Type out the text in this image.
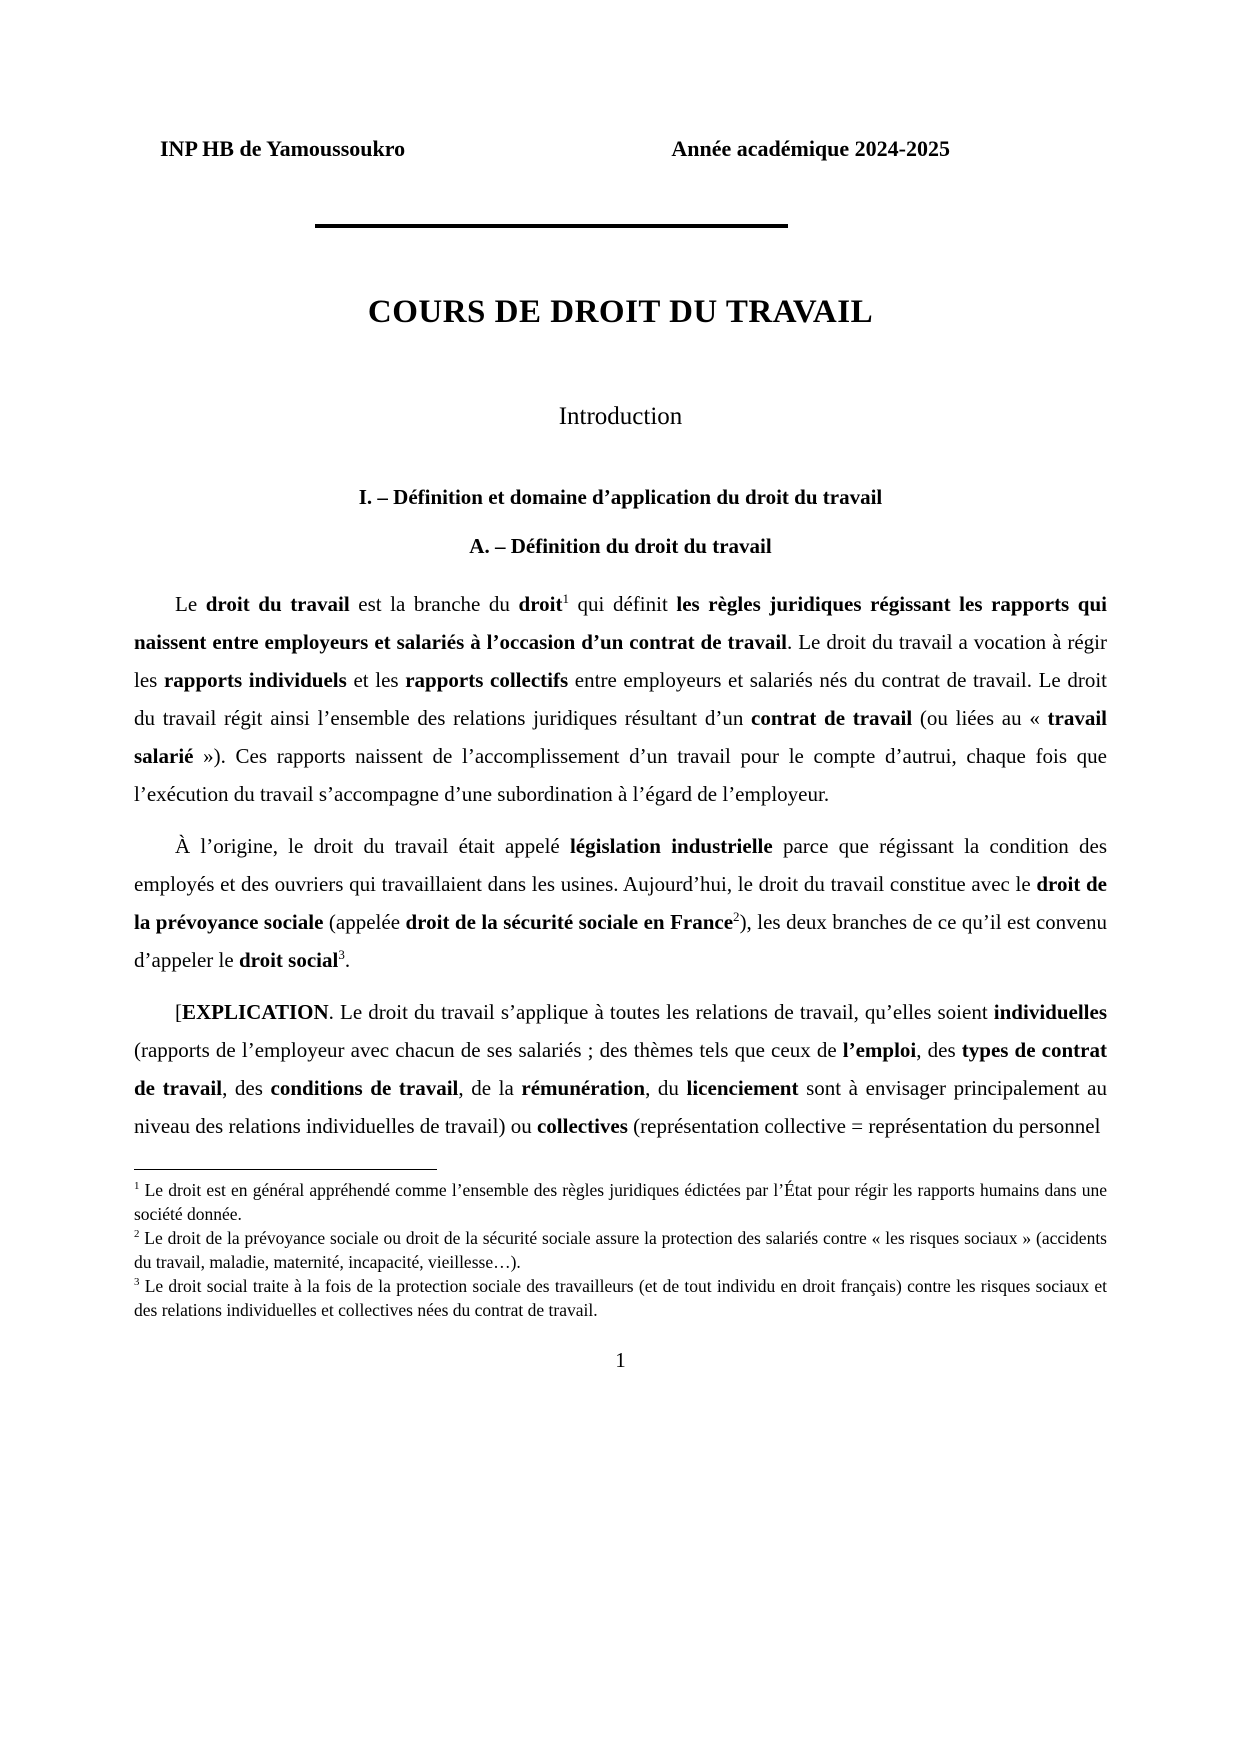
INP HB de Yamoussoukro	Année académique 2024-2025
COURS DE DROIT DU TRAVAIL
Introduction
I. – Définition et domaine d’application du droit du travail
A. – Définition du droit du travail

Le droit du travail est la branche du droit$^1$ qui définit les règles juridiques régissant les rapports qui naissent entre employeurs et salariés à l’occasion d’un contrat de travail. Le droit du travail a vocation à régir les rapports individuels et les rapports collectifs entre employeurs et salariés nés du contrat de travail. Le droit du travail régit ainsi l’ensemble des relations juridiques résultant d’un contrat de travail (ou liées au « travail salarié »). Ces rapports naissent de l’accomplissement d’un travail pour le compte d’autrui, chaque fois que l’exécution du travail s’accompagne d’une subordination à l’égard de l’employeur.

À l’origine, le droit du travail était appelé législation industrielle parce que régissant la condition des employés et des ouvriers qui travaillaient dans les usines. Aujourd’hui, le droit du travail constitue avec le droit de la prévoyance sociale (appelée droit de la sécurité sociale en France$^2$), les deux branches de ce qu’il est convenu d’appeler le droit social$^3$.

[EXPLICATION. Le droit du travail s’applique à toutes les relations de travail, qu’elles soient individuelles (rapports de l’employeur avec chacun de ses salariés ; des thèmes tels que ceux de l’emploi, des types de contrat de travail, des conditions de travail, de la rémunération, du licenciement sont à envisager principalement au niveau des relations individuelles de travail) ou collectives (représentation collective = représentation du personnel

$^1$ Le droit est en général appréhendé comme l’ensemble des règles juridiques édictées par l’État pour régir les rapports humains dans une société donnée.

$^2$ Le droit de la prévoyance sociale ou droit de la sécurité sociale assure la protection des salariés contre « les risques sociaux » (accidents du travail, maladie, maternité, incapacité, vieillesse…).

$^3$ Le droit social traite à la fois de la protection sociale des travailleurs (et de tout individu en droit français) contre les risques sociaux et des relations individuelles et collectives nées du contrat de travail.

1
